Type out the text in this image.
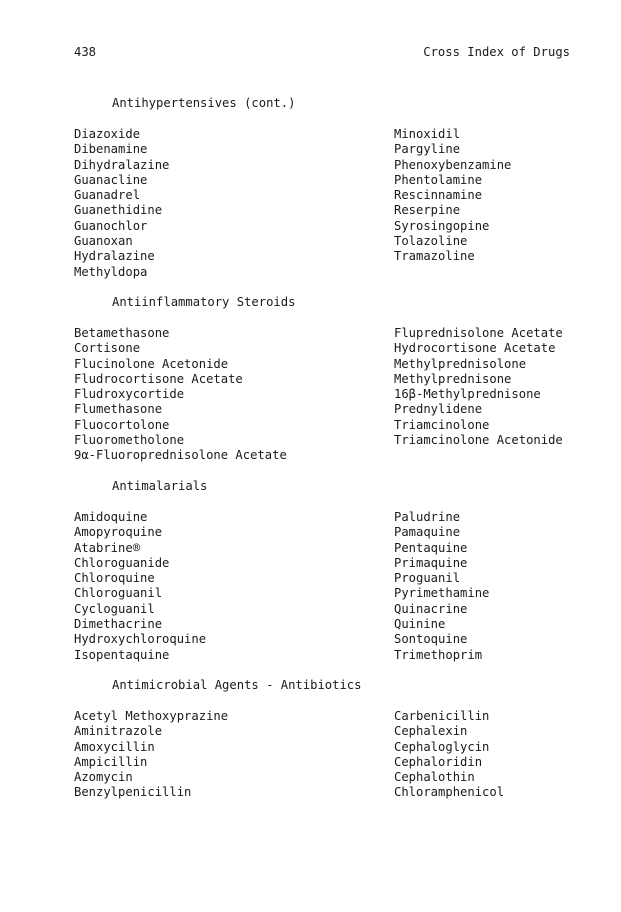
438	Cross Index of Drugs
Antihypertensives (cont.)
Diazoxide
Dibenamine
Dihydralazine
Guanacline
Guanadrel
Guanethidine
Guanochlor
Guanoxan
Hydralazine
Methyldopa
Minoxidil
Pargyline
Phenoxybenzamine
Phentolamine
Rescinnamine
Reserpine
Syrosingopine
Tolazoline
Tramazoline
Antiinflammatory Steroids
Betamethasone
Cortisone
Flucinolone Acetonide
Fludrocortisone Acetate
Fludroxycortide
Flumethasone
Fluocortolone
Fluorometholone
9α-Fluoroprednisolone Acetate
Fluprednisolone Acetate
Hydrocortisone Acetate
Methylprednisolone
Methylprednisone
16β-Methylprednisone
Prednylidene
Triamcinolone
Triamcinolone Acetonide
Antimalarials
Amidoquine
Amopyroquine
Atabrine®
Chloroguanide
Chloroquine
Chloroguanil
Cycloguanil
Dimethacrine
Hydroxychloroquine
Isopentaquine
Paludrine
Pamaquine
Pentaquine
Primaquine
Proguanil
Pyrimethamine
Quinacrine
Quinine
Sontoquine
Trimethoprim
Antimicrobial Agents - Antibiotics
Acetyl Methoxyprazine
Aminitrazole
Amoxycillin
Ampicillin
Azomycin
Benzylpenicillin
Carbenicillin
Cephalexin
Cephaloglycin
Cephaloridin
Cephalothin
Chloramphenicol
